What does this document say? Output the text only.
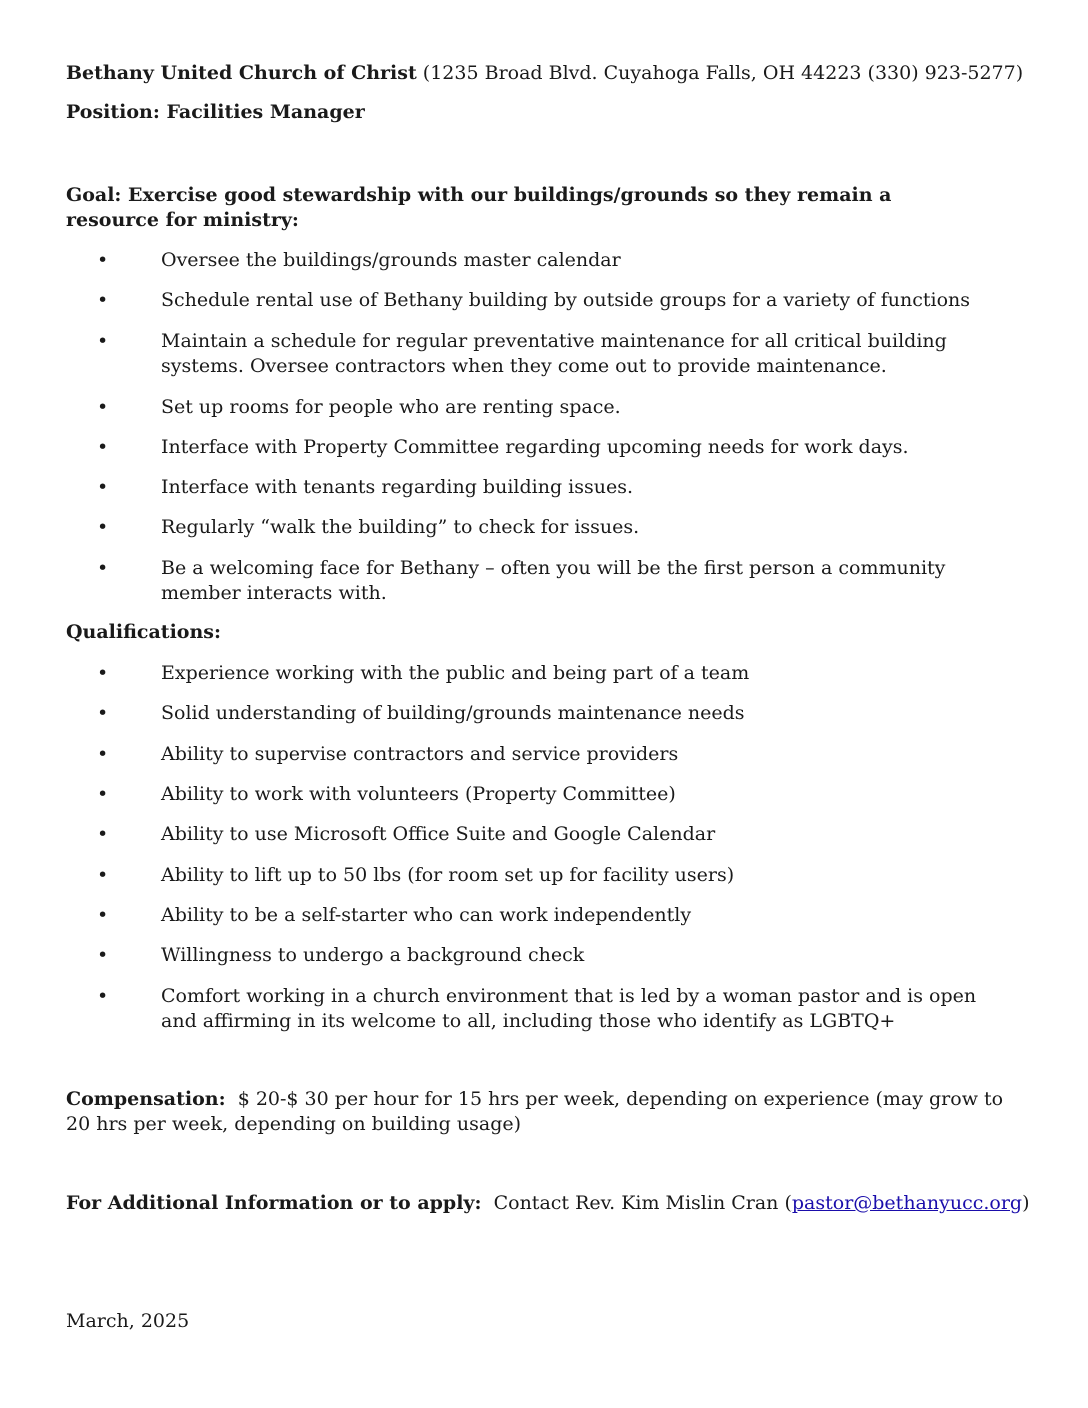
Bethany United Church of Christ (1235 Broad Blvd. Cuyahoga Falls, OH 44223 (330) 923-5277)
Position: Facilities Manager
Goal: Exercise good stewardship with our buildings/grounds so they remain a resource for ministry:
•	Oversee the buildings/grounds master calendar
•	Schedule rental use of Bethany building by outside groups for a variety of functions
•	Maintain a schedule for regular preventative maintenance for all critical building systems. Oversee contractors when they come out to provide maintenance.
•	Set up rooms for people who are renting space.
•	Interface with Property Committee regarding upcoming needs for work days.
•	Interface with tenants regarding building issues.
•	Regularly “walk the building” to check for issues.
•	Be a welcoming face for Bethany – often you will be the first person a community member interacts with.
Qualifications:
•	Experience working with the public and being part of a team
•	Solid understanding of building/grounds maintenance needs
•	Ability to supervise contractors and service providers
•	Ability to work with volunteers (Property Committee)
•	Ability to use Microsoft Office Suite and Google Calendar
•	Ability to lift up to 50 lbs (for room set up for facility users)
•	Ability to be a self-starter who can work independently
•	Willingness to undergo a background check
•	Comfort working in a church environment that is led by a woman pastor and is open and affirming in its welcome to all, including those who identify as LGBTQ+
Compensation: $ 20-$ 30 per hour for 15 hrs per week, depending on experience (may grow to 20 hrs per week, depending on building usage)
For Additional Information or to apply: Contact Rev. Kim Mislin Cran (pastor@bethanyucc.org)
March, 2025
